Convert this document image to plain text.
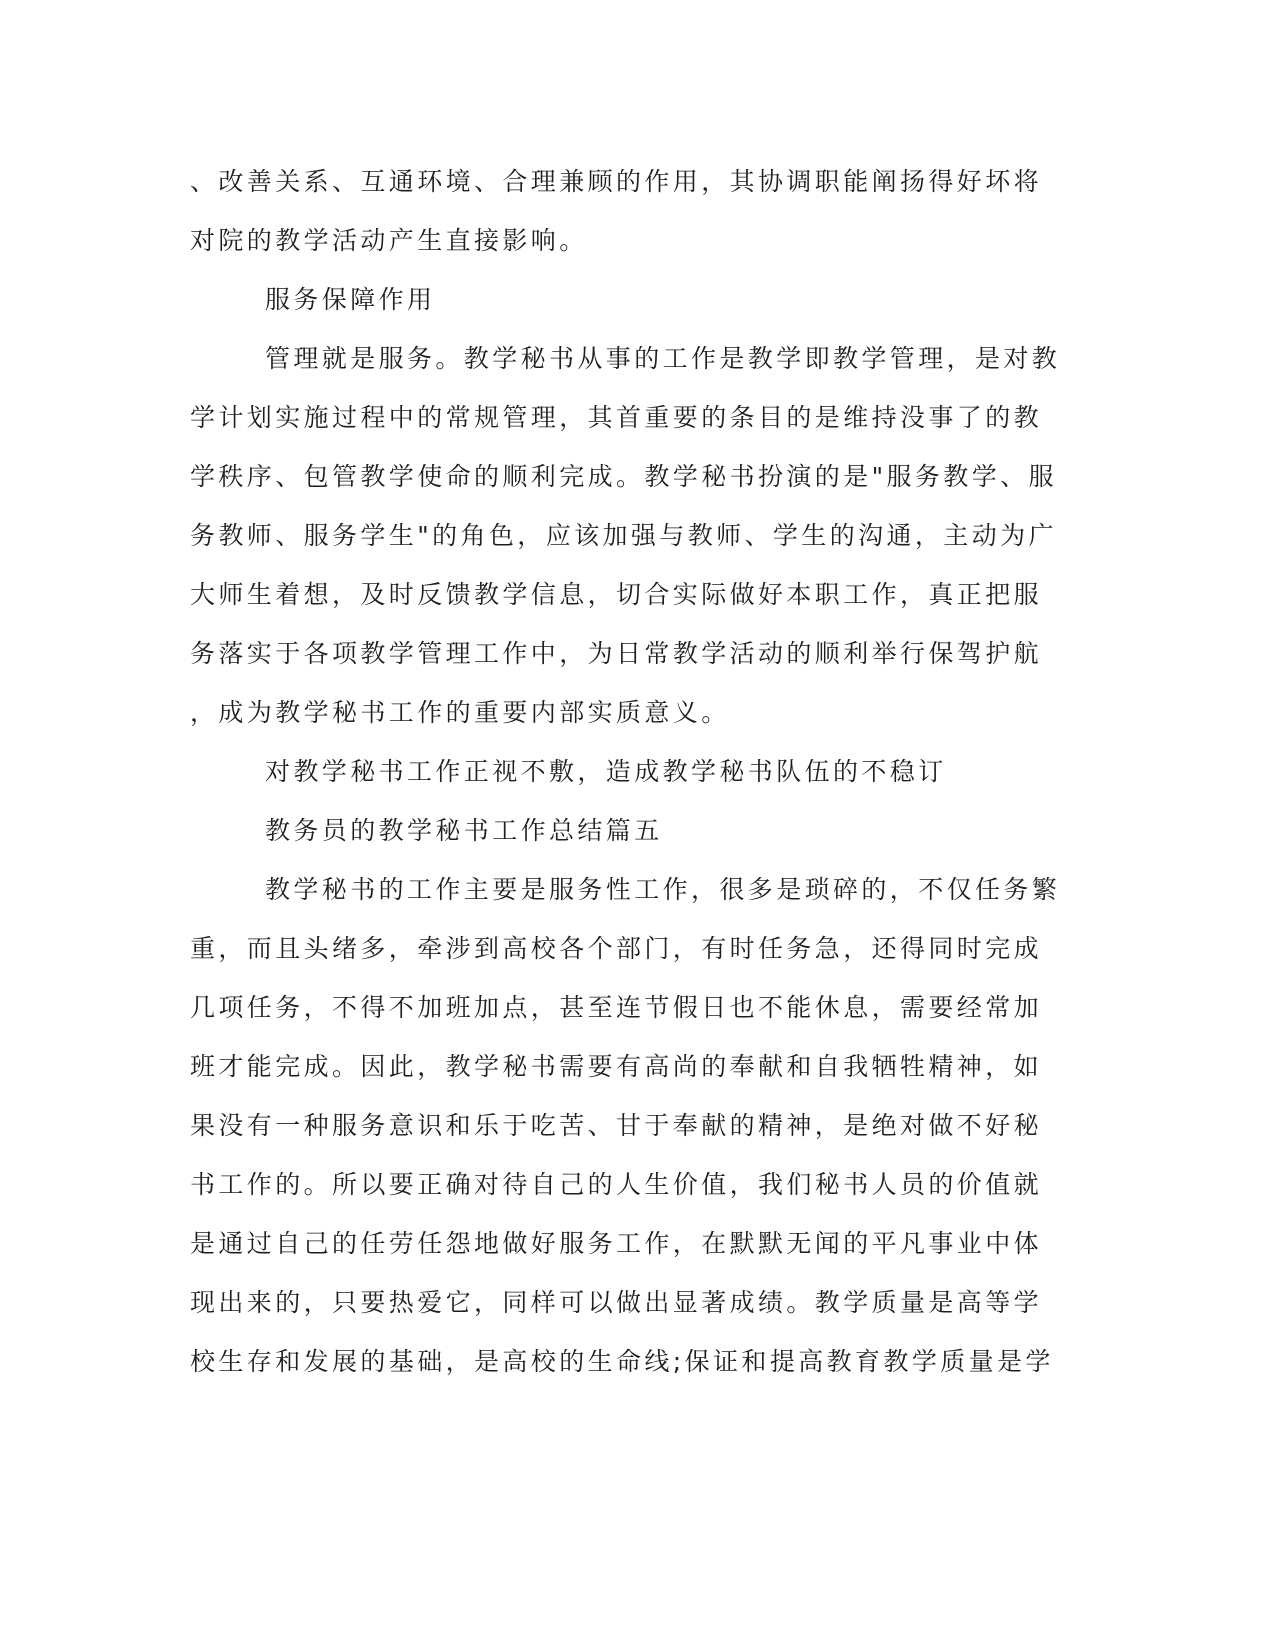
、改善关系、互通环境、合理兼顾的作用，其协调职能阐扬得好坏将

对院的教学活动产生直接影响。

服务保障作用

管理就是服务。教学秘书从事的工作是教学即教学管理，是对教

学计划实施过程中的常规管理，其首重要的条目的是维持没事了的教

学秩序、包管教学使命的顺利完成。教学秘书扮演的是"服务教学、服

务教师、服务学生"的角色，应该加强与教师、学生的沟通，主动为广

大师生着想，及时反馈教学信息，切合实际做好本职工作，真正把服

务落实于各项教学管理工作中，为日常教学活动的顺利举行保驾护航

，成为教学秘书工作的重要内部实质意义。

对教学秘书工作正视不敷，造成教学秘书队伍的不稳订

教务员的教学秘书工作总结篇五

教学秘书的工作主要是服务性工作，很多是琐碎的，不仅任务繁

重，而且头绪多，牵涉到高校各个部门，有时任务急，还得同时完成

几项任务，不得不加班加点，甚至连节假日也不能休息，需要经常加

班才能完成。因此，教学秘书需要有高尚的奉献和自我牺牲精神，如

果没有一种服务意识和乐于吃苦、甘于奉献的精神，是绝对做不好秘

书工作的。所以要正确对待自己的人生价值，我们秘书人员的价值就

是通过自己的任劳任怨地做好服务工作，在默默无闻的平凡事业中体

现出来的，只要热爱它，同样可以做出显著成绩。教学质量是高等学

校生存和发展的基础，是高校的生命线;保证和提高教育教学质量是学
